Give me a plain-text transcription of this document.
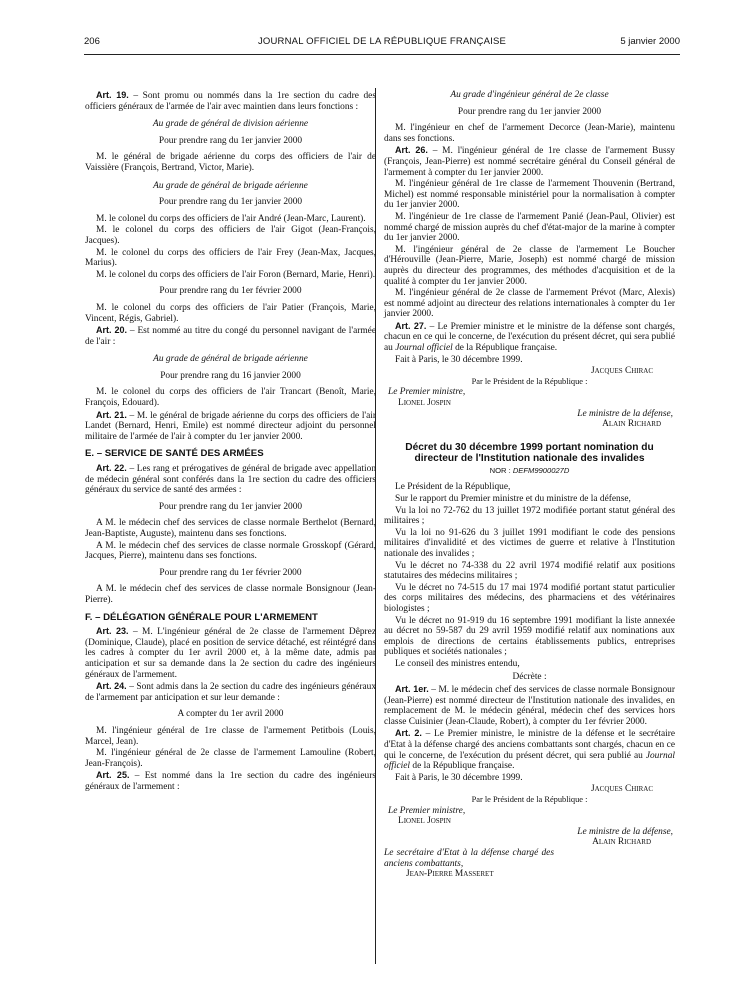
206	JOURNAL OFFICIEL DE LA RÉPUBLIQUE FRANÇAISE	5 janvier 2000

Art. 19. – Sont promu ou nommés dans la 1re section du cadre des officiers généraux de l'armée de l'air avec maintien dans leurs fonctions :

Au grade de général de division aérienne

Pour prendre rang du 1er janvier 2000

M. le général de brigade aérienne du corps des officiers de l'air de Vaissière (François, Bertrand, Victor, Marie).

Au grade de général de brigade aérienne

Pour prendre rang du 1er janvier 2000

M. le colonel du corps des officiers de l'air André (Jean-Marc, Laurent).

M. le colonel du corps des officiers de l'air Gigot (Jean-François, Jacques).

M. le colonel du corps des officiers de l'air Frey (Jean-Max, Jacques, Marius).

M. le colonel du corps des officiers de l'air Foron (Bernard, Marie, Henri).

Pour prendre rang du 1er février 2000

M. le colonel du corps des officiers de l'air Patier (François, Marie, Vincent, Régis, Gabriel).

Art. 20. – Est nommé au titre du congé du personnel navigant de l'armée de l'air :

Au grade de général de brigade aérienne

Pour prendre rang du 16 janvier 2000

M. le colonel du corps des officiers de l'air Trancart (Benoît, Marie, François, Edouard).

Art. 21. – M. le général de brigade aérienne du corps des officiers de l'air Landet (Bernard, Henri, Emile) est nommé directeur adjoint du personnel militaire de l'armée de l'air à compter du 1er janvier 2000.

E. – SERVICE DE SANTÉ DES ARMÉES

Art. 22. – Les rang et prérogatives de général de brigade avec appellation de médecin général sont conférés dans la 1re section du cadre des officiers généraux du service de santé des armées :

Pour prendre rang du 1er janvier 2000

A M. le médecin chef des services de classe normale Berthelot (Bernard, Jean-Baptiste, Auguste), maintenu dans ses fonctions.

A M. le médecin chef des services de classe normale Grosskopf (Gérard, Jacques, Pierre), maintenu dans ses fonctions.

Pour prendre rang du 1er février 2000

A M. le médecin chef des services de classe normale Bonsignour (Jean-Pierre).

F. – DÉLÉGATION GÉNÉRALE POUR L'ARMEMENT

Art. 23. – M. L'ingénieur général de 2e classe de l'armement Dêprez (Dominique, Claude), placé en position de service détaché, est réintégré dans les cadres à compter du 1er avril 2000 et, à la même date, admis par anticipation et sur sa demande dans la 2e section du cadre des ingénieurs généraux de l'armement.

Art. 24. – Sont admis dans la 2e section du cadre des ingénieurs généraux de l'armement par anticipation et sur leur demande :

A compter du 1er avril 2000

M. l'ingénieur général de 1re classe de l'armement Petitbois (Louis, Marcel, Jean).

M. l'ingénieur général de 2e classe de l'armement Lamouline (Robert, Jean-François).

Art. 25. – Est nommé dans la 1re section du cadre des ingénieurs généraux de l'armement :

Au grade d'ingénieur général de 2e classe

Pour prendre rang du 1er janvier 2000

M. l'ingénieur en chef de l'armement Decorce (Jean-Marie), maintenu dans ses fonctions.

Art. 26. – M. l'ingénieur général de 1re classe de l'armement Bussy (François, Jean-Pierre) est nommé secrétaire général du Conseil général de l'armement à compter du 1er janvier 2000.

M. l'ingénieur général de 1re classe de l'armement Thouvenin (Bertrand, Michel) est nommé responsable ministériel pour la normalisation à compter du 1er janvier 2000.

M. l'ingénieur de 1re classe de l'armement Panié (Jean-Paul, Olivier) est nommé chargé de mission auprès du chef d'état-major de la marine à compter du 1er janvier 2000.

M. l'ingénieur général de 2e classe de l'armement Le Boucher d'Hérouville (Jean-Pierre, Marie, Joseph) est nommé chargé de mission auprès du directeur des programmes, des méthodes d'acquisition et de la qualité à compter du 1er janvier 2000.

M. l'ingénieur général de 2e classe de l'armement Prévot (Marc, Alexis) est nommé adjoint au directeur des relations internationales à compter du 1er janvier 2000.

Art. 27. – Le Premier ministre et le ministre de la défense sont chargés, chacun en ce qui le concerne, de l'exécution du présent décret, qui sera publié au Journal officiel de la République française.

Fait à Paris, le 30 décembre 1999.

Jacques Chirac

Par le Président de la République :

Le Premier ministre,

Lionel Jospin

Le ministre de la défense,

Alain Richard

Décret du 30 décembre 1999 portant nomination du directeur de l'Institution nationale des invalides

NOR : DEFM9900027D

Le Président de la République,

Sur le rapport du Premier ministre et du ministre de la défense,

Vu la loi no 72-762 du 13 juillet 1972 modifiée portant statut général des militaires ;

Vu la loi no 91-626 du 3 juillet 1991 modifiant le code des pensions militaires d'invalidité et des victimes de guerre et relative à l'Institution nationale des invalides ;

Vu le décret no 74-338 du 22 avril 1974 modifié relatif aux positions statutaires des médecins militaires ;

Vu le décret no 74-515 du 17 mai 1974 modifié portant statut particulier des corps militaires des médecins, des pharmaciens et des vétérinaires biologistes ;

Vu le décret no 91-919 du 16 septembre 1991 modifiant la liste annexée au décret no 59-587 du 29 avril 1959 modifié relatif aux nominations aux emplois de directions de certains établissements publics, entreprises publiques et sociétés nationales ;

Le conseil des ministres entendu,

Décrète :

Art. 1er. – M. le médecin chef des services de classe normale Bonsignour (Jean-Pierre) est nommé directeur de l'Institution nationale des invalides, en remplacement de M. le médecin général, médecin chef des services hors classe Cuisinier (Jean-Claude, Robert), à compter du 1er février 2000.

Art. 2. – Le Premier ministre, le ministre de la défense et le secrétaire d'Etat à la défense chargé des anciens combattants sont chargés, chacun en ce qui le concerne, de l'exécution du présent décret, qui sera publié au Journal officiel de la République française.

Fait à Paris, le 30 décembre 1999.

Jacques Chirac

Par le Président de la République :

Le Premier ministre,

Lionel Jospin

Le ministre de la défense,

Alain Richard

Le secrétaire d'Etat à la défense chargé des anciens combattants,

Jean-Pierre Masseret
